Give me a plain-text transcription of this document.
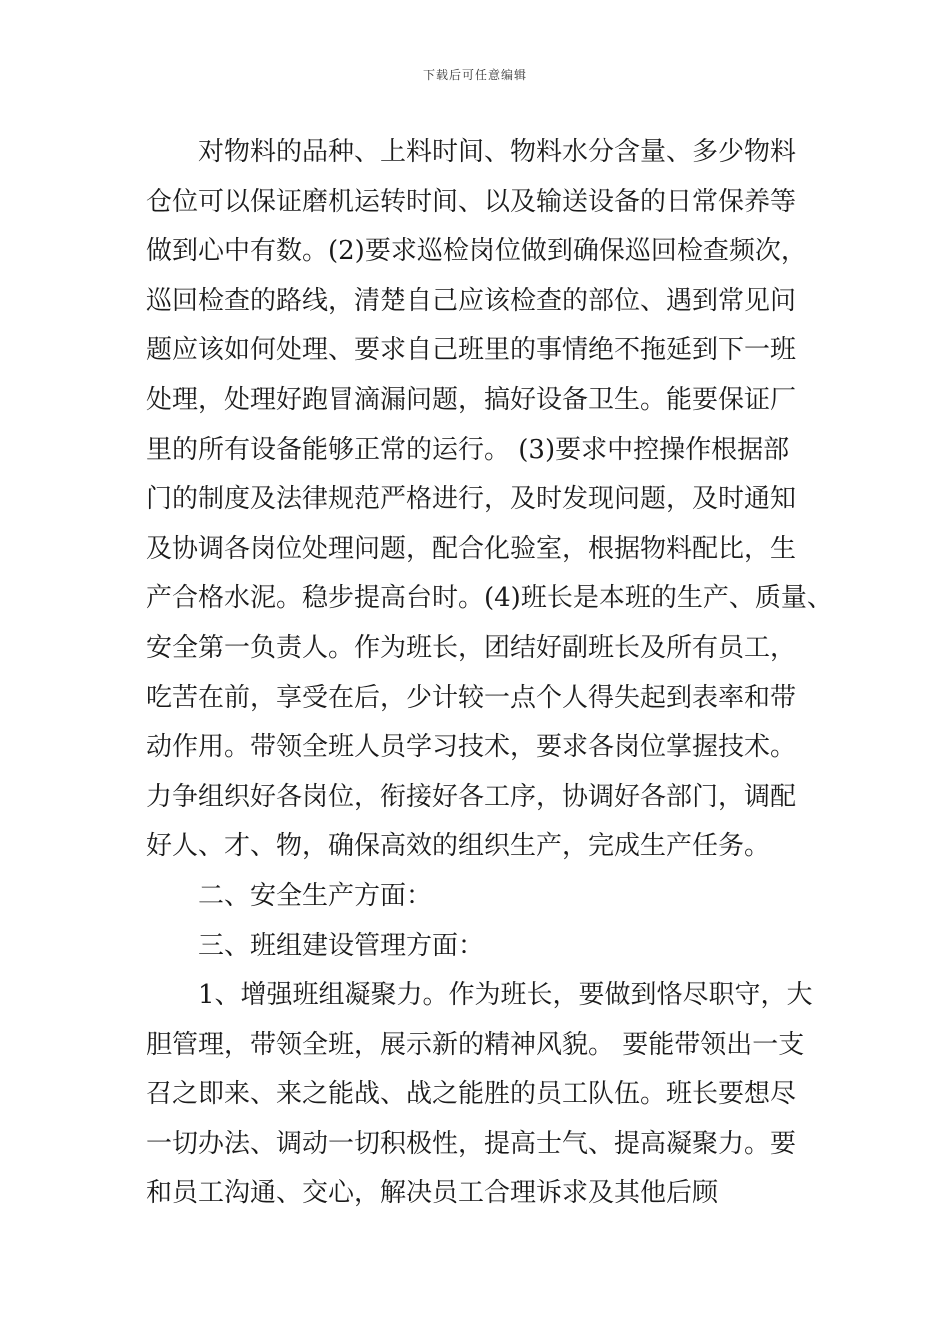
下载后可任意编辑
对物料的品种、上料时间、物料水分含量、多少物料
仓位可以保证磨机运转时间、以及输送设备的日常保养等
做到心中有数。(2)要求巡检岗位做到确保巡回检查频次，
巡回检查的路线，清楚自己应该检查的部位、遇到常见问
题应该如何处理、要求自己班里的事情绝不拖延到下一班
处理，处理好跑冒滴漏问题，搞好设备卫生。能要保证厂
里的所有设备能够正常的运行。 (3)要求中控操作根据部
门的制度及法律规范严格进行，及时发现问题，及时通知
及协调各岗位处理问题，配合化验室，根据物料配比，生
产合格水泥。稳步提高台时。(4)班长是本班的生产、质量、
安全第一负责人。作为班长，团结好副班长及所有员工，
吃苦在前，享受在后，少计较一点个人得失起到表率和带
动作用。带领全班人员学习技术，要求各岗位掌握技术。
力争组织好各岗位，衔接好各工序，协调好各部门，调配
好人、才、物，确保高效的组织生产，完成生产任务。
二、安全生产方面：
三、班组建设管理方面：
1、增强班组凝聚力。作为班长，要做到恪尽职守，大
胆管理，带领全班，展示新的精神风貌。 要能带领出一支
召之即来、来之能战、战之能胜的员工队伍。班长要想尽
一切办法、调动一切积极性，提高士气、提高凝聚力。要
和员工沟通、交心，解决员工合理诉求及其他后顾
